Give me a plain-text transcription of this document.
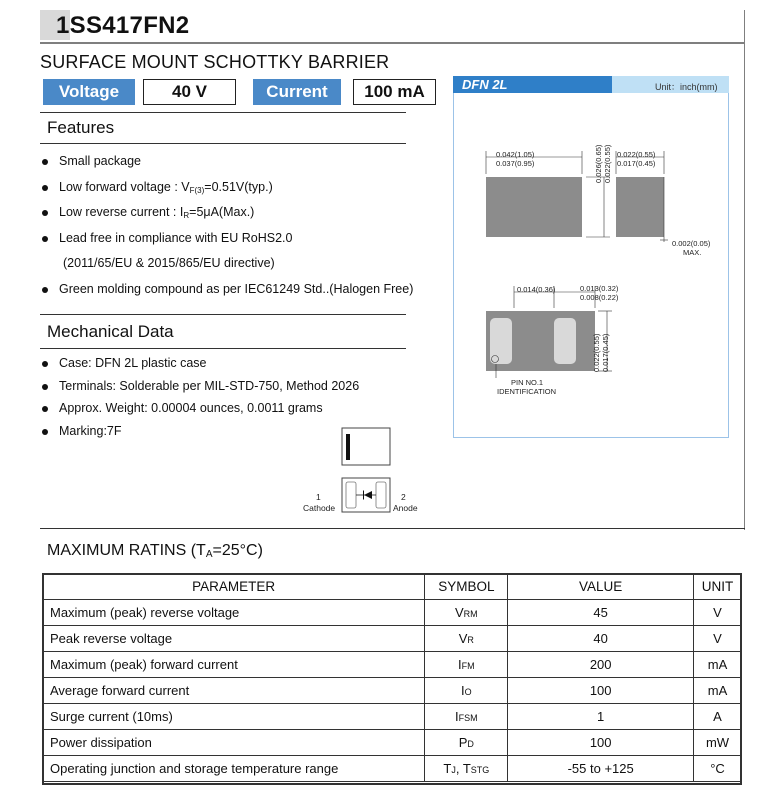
1SS417FN2
SURFACE MOUNT SCHOTTKY BARRIER
Voltage	40 V	Current	100 mA
Features
Small package
Low forward voltage : $V_{F(3)}=0.51V(typ.)$
Low reverse current : $I_R=5\mu A(Max.)$
Lead free in compliance with EU RoHS2.0
(2011/65/EU & 2015/865/EU directive)
Green molding compound as per IEC61249 Std..(Halogen Free)
Mechanical Data
Case: DFN 2L plastic case
Terminals: Solderable per MIL-STD-750, Method 2026
Approx. Weight: 0.00004 ounces, 0.0011 grams
Marking:7F
1
Cathode
2
Anode
DFN 2L	Unit：inch(mm)
0.042(1.05)
0.037(0.95)	0.026(0.65) 0.022(0.55) 0.022(0.55)
0.017(0.45)
0.002(0.05)
MAX.
0.014(0.36)	0.013(0.32)
0.008(0.22)
0.022(0.55) 0.017(0.45)
PIN NO.1
IDENTIFICATION
MAXIMUM RATINS $(T_A=25^\circ C)$
PARAMETER	SYMBOL	VALUE	UNIT
Maximum (peak) reverse voltage	VRM	45	V
Peak reverse voltage	VR	40	V
Maximum (peak) forward current	IFM	200	mA
Average forward current	IO	100	mA
Surge current (10ms)	IFSM	1	A
Power dissipation	PD	100	mW
Operating junction and storage temperature range	TJ, TSTG	-55 to +125	°C
